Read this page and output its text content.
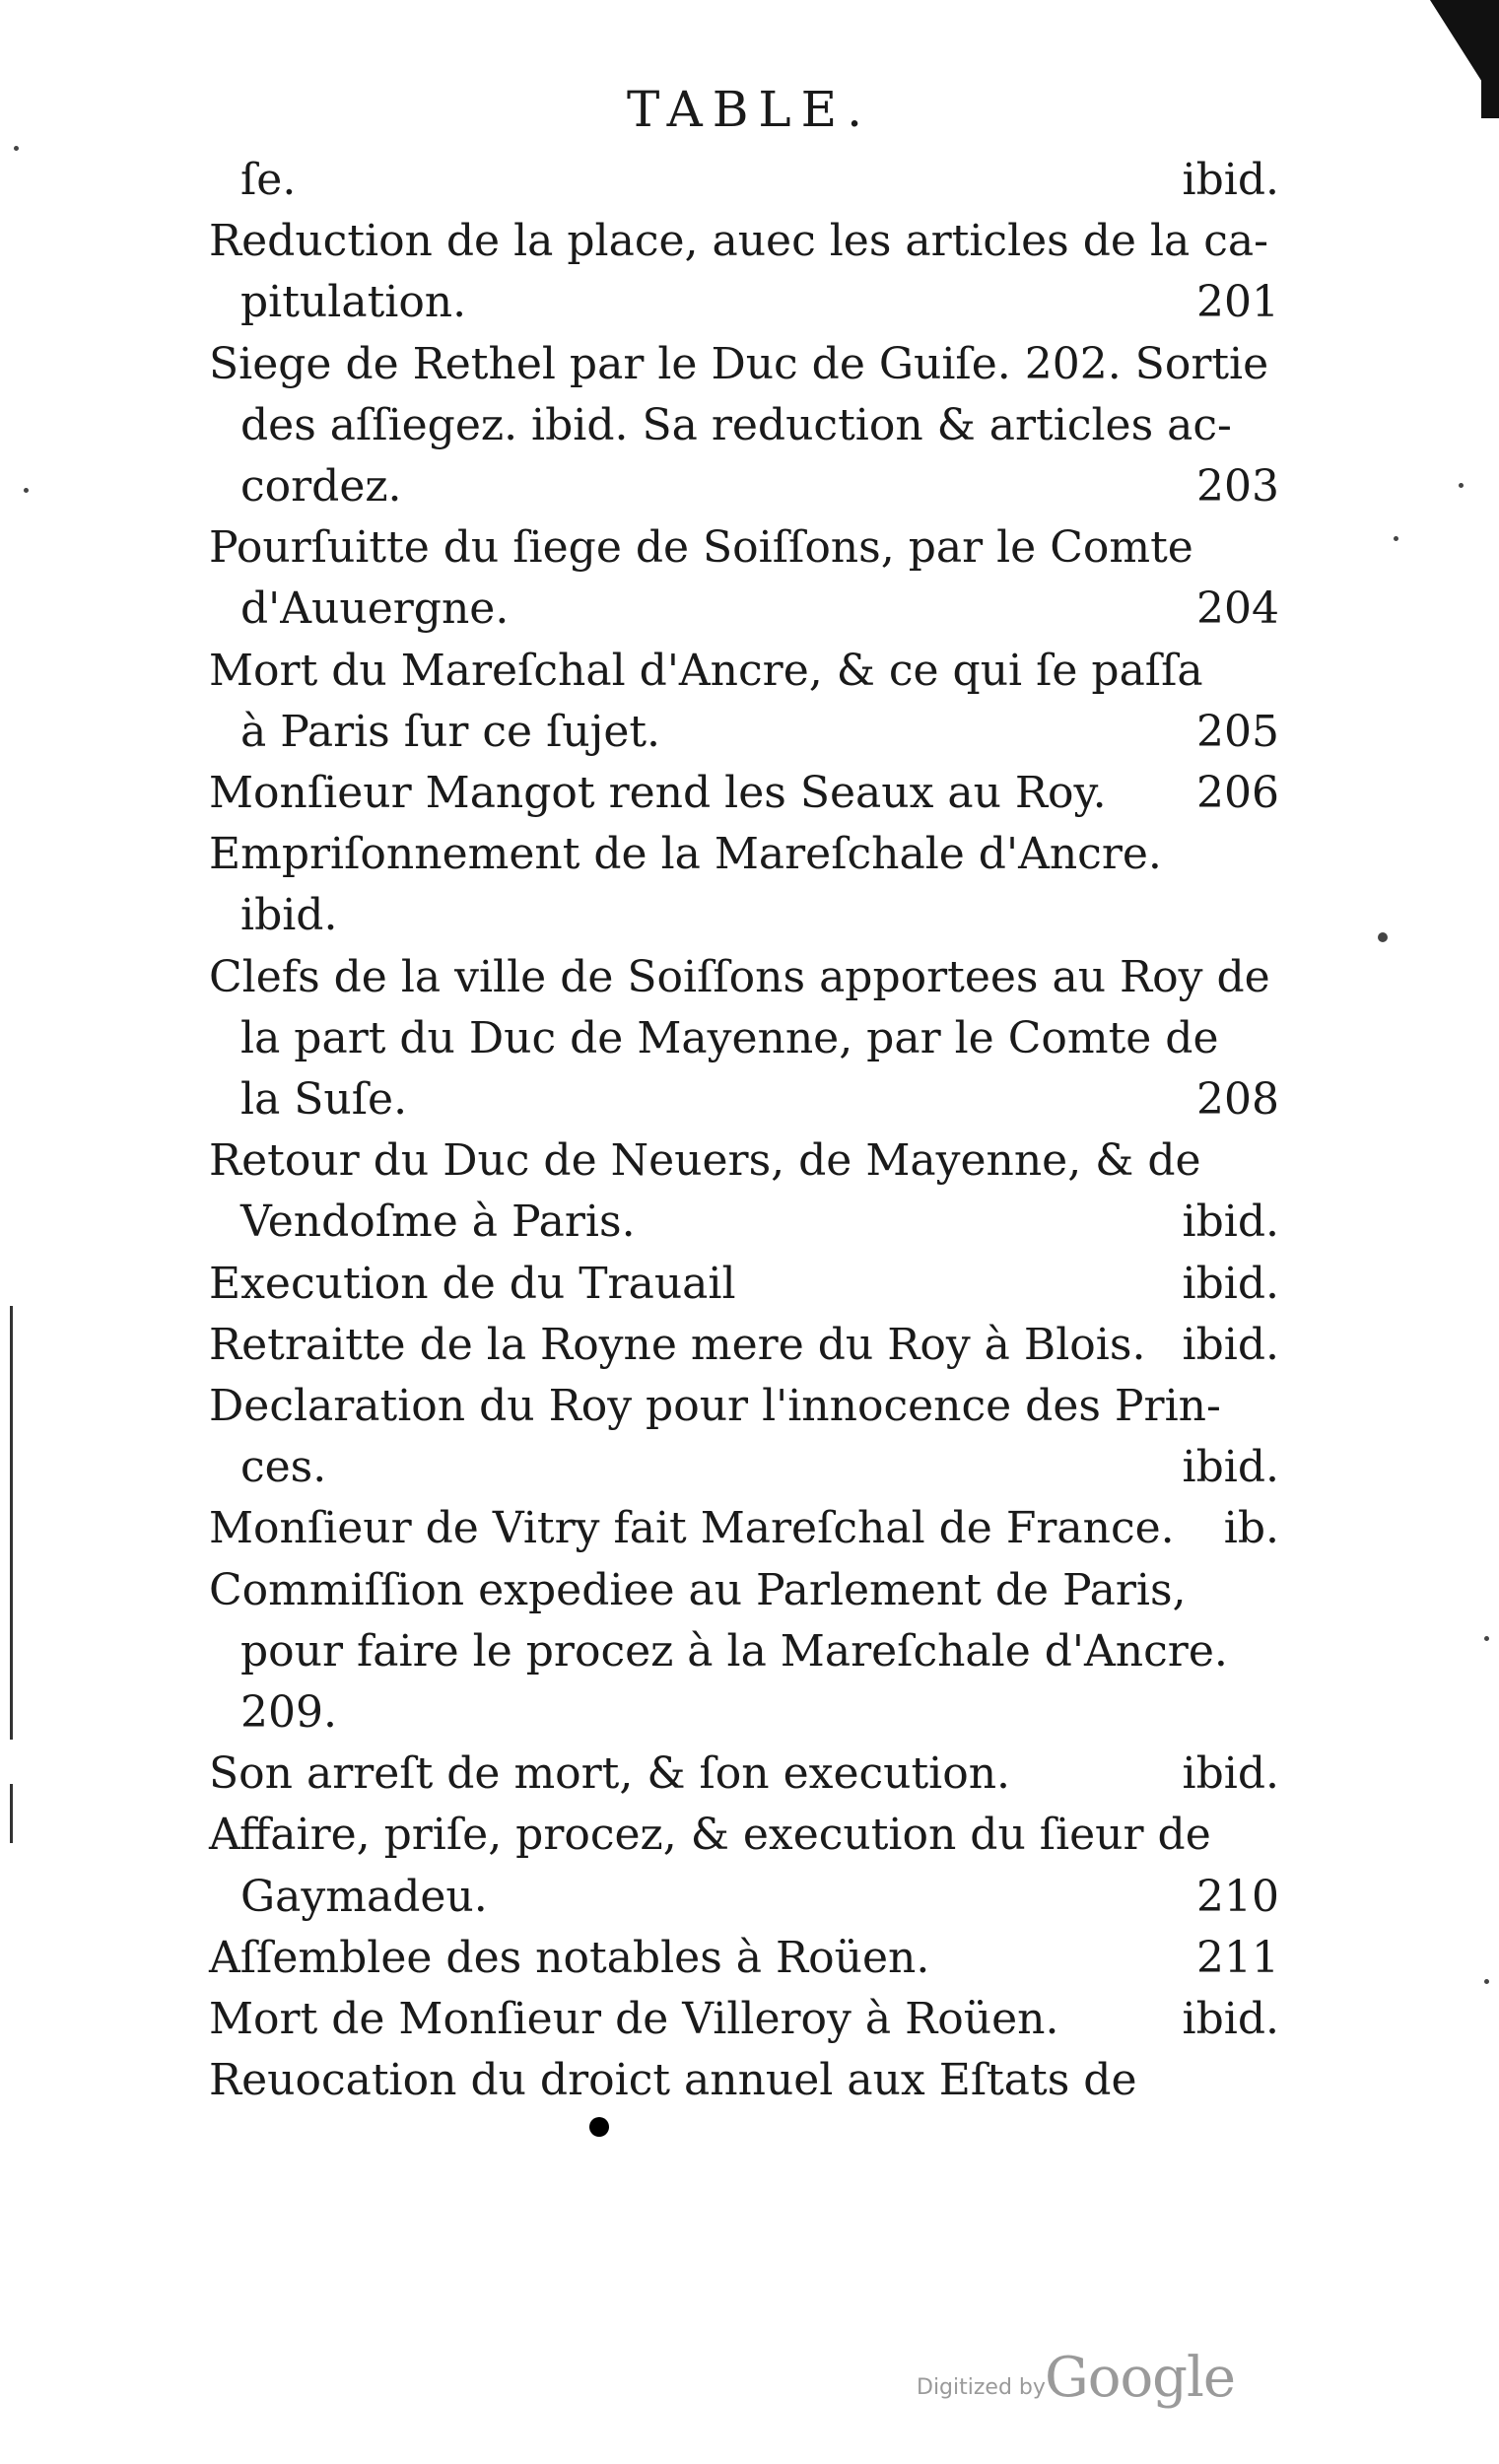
TABLE.
ſe.	ibid.
Reduction de la place, auec les articles de la ca-
pitulation.	201
Siege de Rethel par le Duc de Guiſe. 202. Sortie
des aſſiegez. ibid. Sa reduction & articles ac-
cordez.	203
Pourſuitte du ſiege de Soiſſons, par le Comte
d'Auuergne.	204
Mort du Mareſchal d'Ancre, & ce qui ſe paſſa
à Paris ſur ce ſujet.	205
Monſieur Mangot rend les Seaux au Roy. 206
Empriſonnement de la Mareſchale d'Ancre.
ibid.
Clefs de la ville de Soiſſons apportees au Roy de
la part du Duc de Mayenne, par le Comte de
la Suſe.	208
Retour du Duc de Neuers, de Mayenne, & de
Vendoſme à Paris.	ibid.
Execution de du Trauail	ibid.
Retraitte de la Royne mere du Roy à Blois. ibid.
Declaration du Roy pour l'innocence des Prin-
ces.	ibid.
Monſieur de Vitry fait Mareſchal de France. ib.
Commiſſion expediee au Parlement de Paris,
pour faire le procez à la Mareſchale d'Ancre.
209.
Son arreſt de mort, & ſon execution.	ibid.
Affaire, priſe, procez, & execution du ſieur de
Gaymadeu.	210
Aſſemblee des notables à Roüen.	211
Mort de Monſieur de Villeroy à Roüen.	ibid.
Reuocation du droict annuel aux Eſtats de
Digitized by Google
